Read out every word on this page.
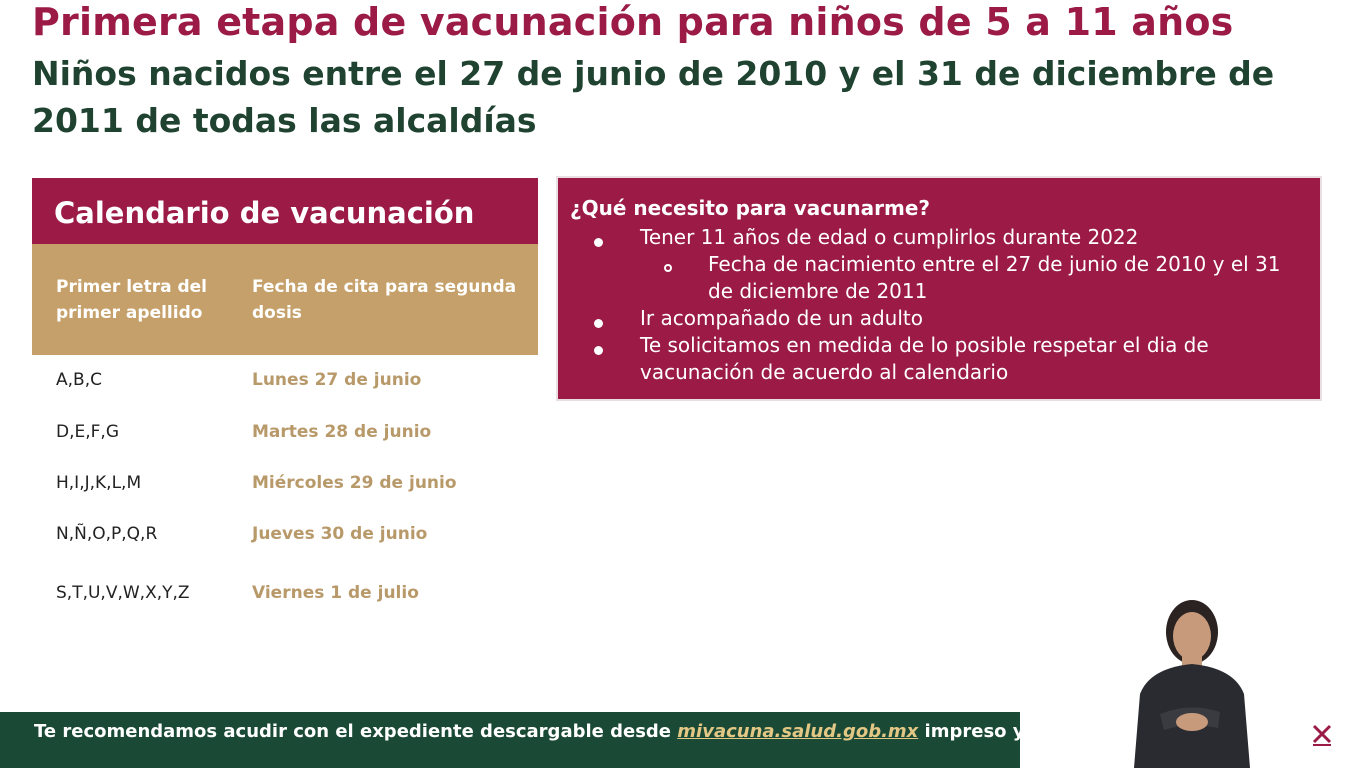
Primera etapa de vacunación para niños de 5 a 11 años

Niños nacidos entre el 27 de junio de 2010 y el 31 de diciembre de 2011 de todas las alcaldías

Calendario de vacunación
Primer letra del primer apellido
Fecha de cita para segunda dosis
A,B,C	Lunes 27 de junio
D,E,F,G	Martes 28 de junio
H,I,J,K,L,M	Miércoles 29 de junio
N,Ñ,O,P,Q,R	Jueves 30 de junio
S,T,U,V,W,X,Y,Z	Viernes 1 de julio
¿Qué necesito para vacunarme?
Tener 11 años de edad o cumplirlos durante 2022
Fecha de nacimiento entre el 27 de junio de 2010 y el 31 de diciembre de 2011
Ir acompañado de un adulto
Te solicitamos en medida de lo posible respetar el dia de vacunación de acuerdo al calendario
Te recomendamos acudir con el expediente descargable desde mivacuna.salud.gob.mx impreso y prellen
